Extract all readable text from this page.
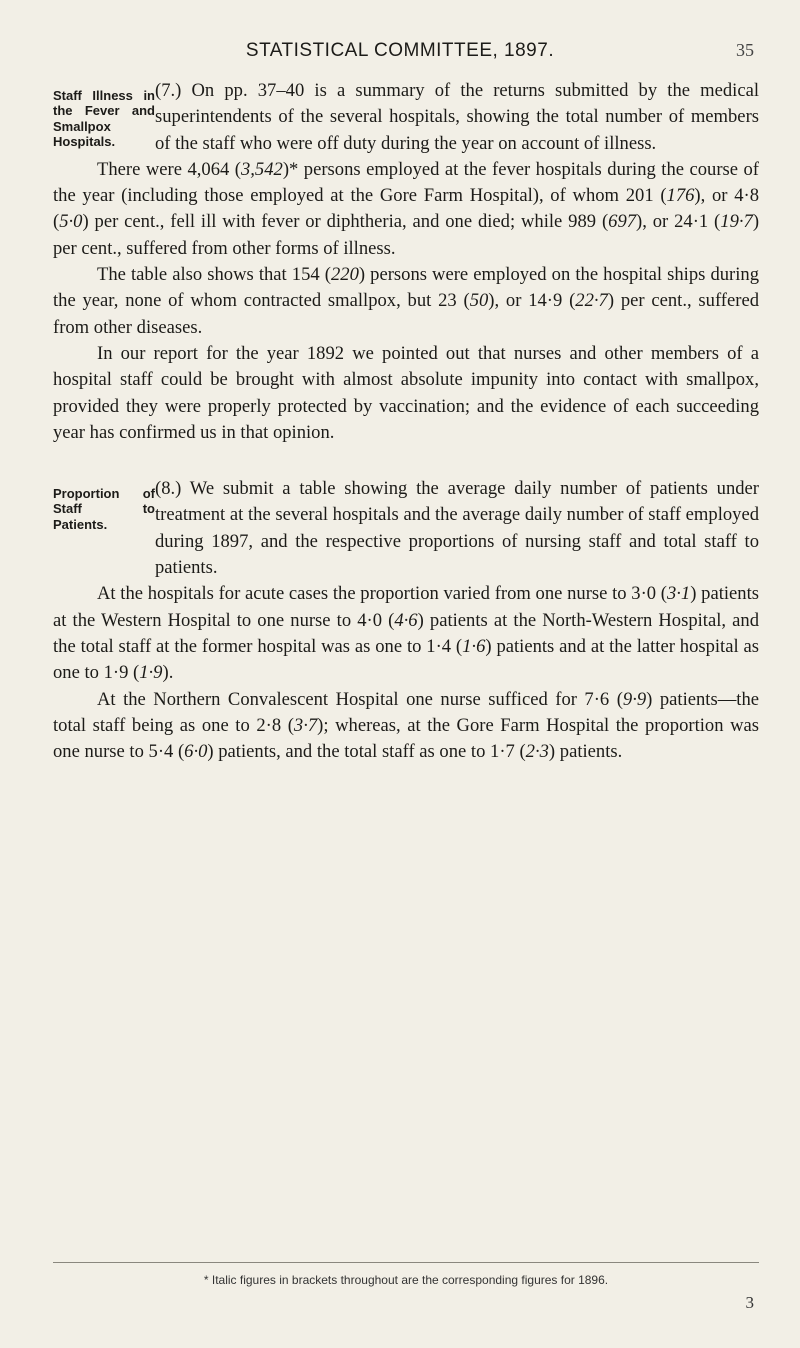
STATISTICAL COMMITTEE, 1897.	35
Staff Illness in the Fever and Smallpox Hospitals.

(7.) On pp. 37–40 is a summary of the returns submitted by the medical superintendents of the several hospitals, showing the total number of members of the staff who were off duty during the year on account of illness.

There were 4,064 (3,542)* persons employed at the fever hospitals during the course of the year (including those employed at the Gore Farm Hospital), of whom 201 (176), or 4·8 (5·0) per cent., fell ill with fever or diphtheria, and one died; while 989 (697), or 24·1 (19·7) per cent., suffered from other forms of illness.

The table also shows that 154 (220) persons were employed on the hospital ships during the year, none of whom contracted smallpox, but 23 (50), or 14·9 (22·7) per cent., suffered from other diseases.

In our report for the year 1892 we pointed out that nurses and other members of a hospital staff could be brought with almost absolute impunity into contact with smallpox, provided they were properly protected by vaccination; and the evidence of each succeeding year has confirmed us in that opinion.

Proportion of Staff to Patients.

(8.) We submit a table showing the average daily number of patients under treatment at the several hospitals and the average daily number of staff employed during 1897, and the respective proportions of nursing staff and total staff to patients.

At the hospitals for acute cases the proportion varied from one nurse to 3·0 (3·1) patients at the Western Hospital to one nurse to 4·0 (4·6) patients at the North-Western Hospital, and the total staff at the former hospital was as one to 1·4 (1·6) patients and at the latter hospital as one to 1·9 (1·9).

At the Northern Convalescent Hospital one nurse sufficed for 7·6 (9·9) patients—the total staff being as one to 2·8 (3·7); whereas, at the Gore Farm Hospital the proportion was one nurse to 5·4 (6·0) patients, and the total staff as one to 1·7 (2·3) patients.

* Italic figures in brackets throughout are the corresponding figures for 1896.
3
